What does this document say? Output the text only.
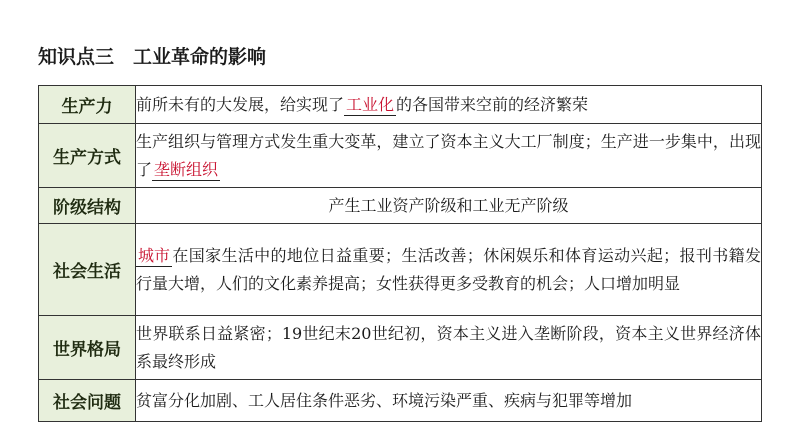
知识点三　工业革命的影响
生产力	前所未有的大发展，给实现了 工业化 的各国带来空前的经济繁荣
生产方式	生产组织与管理方式发生重大变革，建立了资本主义大工厂制度；生产进一步集中，出现了 垄断组织
阶级结构	产生工业资产阶级和工业无产阶级
社会生活	城市 在国家生活中的地位日益重要；生活改善；休闲娱乐和体育运动兴起；报刊书籍发行量大增，人们的文化素养提高；女性获得更多受教育的机会；人口增加明显
世界格局	世界联系日益紧密；19世纪末20世纪初，资本主义进入垄断阶段，资本主义世界经济体系最终形成
社会问题	贫富分化加剧、工人居住条件恶劣、环境污染严重、疾病与犯罪等增加
